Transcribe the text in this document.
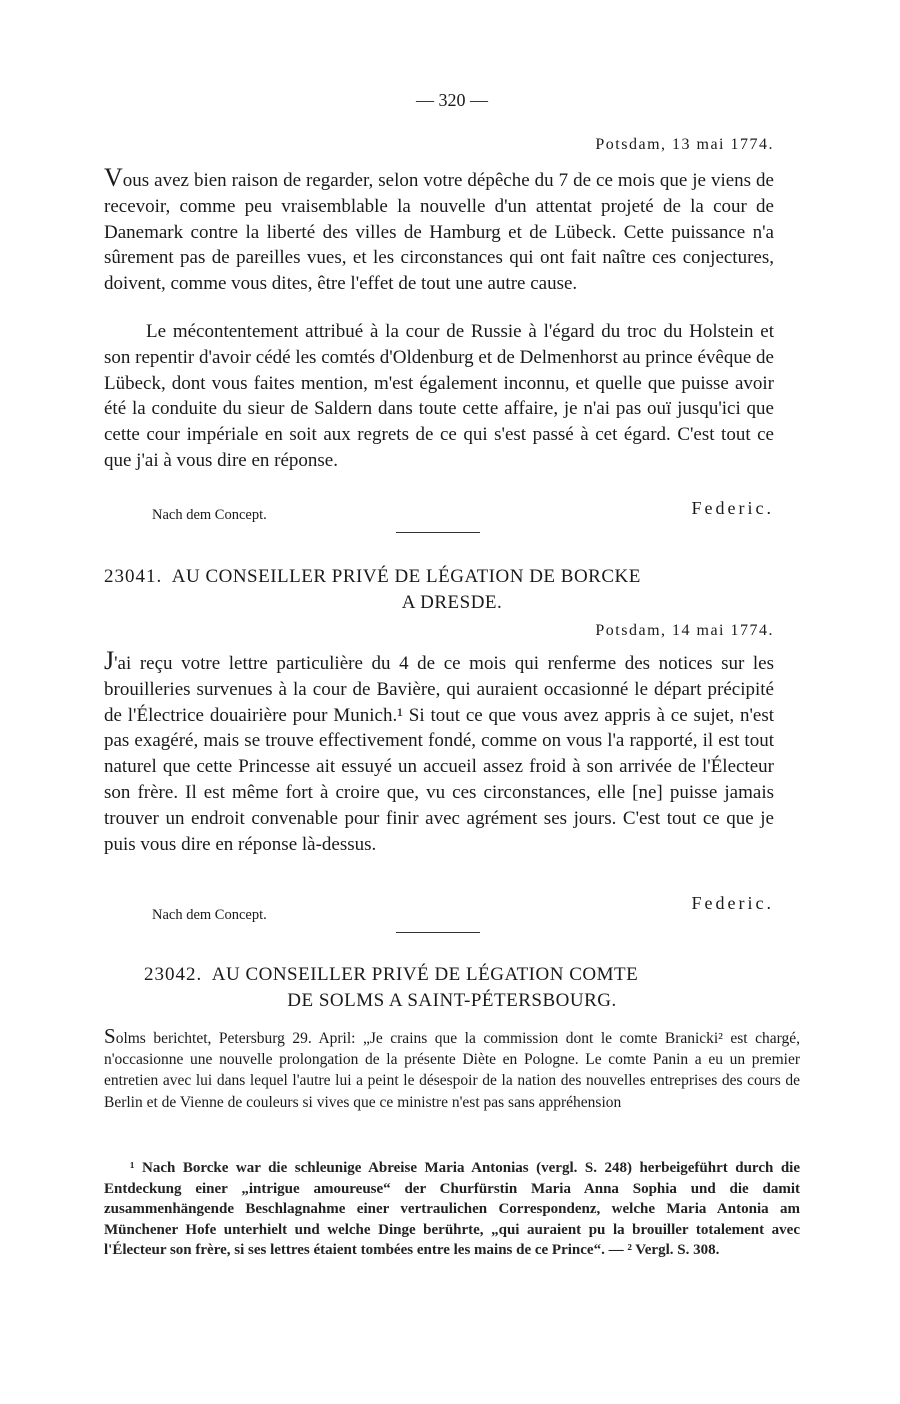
— 320 —
Potsdam, 13 mai 1774.

Vous avez bien raison de regarder, selon votre dépêche du 7 de ce mois que je viens de recevoir, comme peu vraisemblable la nouvelle d'un attentat projeté de la cour de Danemark contre la liberté des villes de Hamburg et de Lübeck. Cette puissance n'a sûrement pas de pareilles vues, et les circonstances qui ont fait naître ces conjectures, doivent, comme vous dites, être l'effet de tout une autre cause.

Le mécontentement attribué à la cour de Russie à l'égard du troc du Holstein et son repentir d'avoir cédé les comtés d'Oldenburg et de Delmenhorst au prince évêque de Lübeck, dont vous faites mention, m'est également inconnu, et quelle que puisse avoir été la conduite du sieur de Saldern dans toute cette affaire, je n'ai pas ouï jusqu'ici que cette cour impériale en soit aux regrets de ce qui s'est passé à cet égard. C'est tout ce que j'ai à vous dire en réponse.

Nach dem Concept.	Federic.

23041. AU CONSEILLER PRIVÉ DE LÉGATION DE BORCKE
A DRESDE.

Potsdam, 14 mai 1774.

J'ai reçu votre lettre particulière du 4 de ce mois qui renferme des notices sur les brouilleries survenues à la cour de Bavière, qui auraient occasionné le départ précipité de l'Électrice douairière pour Munich.¹ Si tout ce que vous avez appris à ce sujet, n'est pas exagéré, mais se trouve effectivement fondé, comme on vous l'a rapporté, il est tout naturel que cette Princesse ait essuyé un accueil assez froid à son arrivée de l'Électeur son frère. Il est même fort à croire que, vu ces circonstances, elle [ne] puisse jamais trouver un endroit convenable pour finir avec agrément ses jours. C'est tout ce que je puis vous dire en réponse là-dessus.

Nach dem Concept.
Federic.

23042. AU CONSEILLER PRIVÉ DE LÉGATION COMTE
DE SOLMS A SAINT-PÉTERSBOURG.

Solms berichtet, Petersburg 29. April: „Je crains que la commission dont le comte Branicki² est chargé, n'occasionne une nouvelle prolongation de la présente Diète en Pologne. Le comte Panin a eu un premier entretien avec lui dans lequel l'autre lui a peint le désespoir de la nation des nouvelles entreprises des cours de Berlin et de Vienne de couleurs si vives que ce ministre n'est pas sans appréhension

¹ Nach Borcke war die schleunige Abreise Maria Antonias (vergl. S. 248) herbeigeführt durch die Entdeckung einer „intrigue amoureuse“ der Churfürstin Maria Anna Sophia und die damit zusammenhängende Beschlagnahme einer vertraulichen Correspondenz, welche Maria Antonia am Münchener Hofe unterhielt und welche Dinge berührte, „qui auraient pu la brouiller totalement avec l'Électeur son frère, si ses lettres étaient tombées entre les mains de ce Prince“. — ² Vergl. S. 308.
